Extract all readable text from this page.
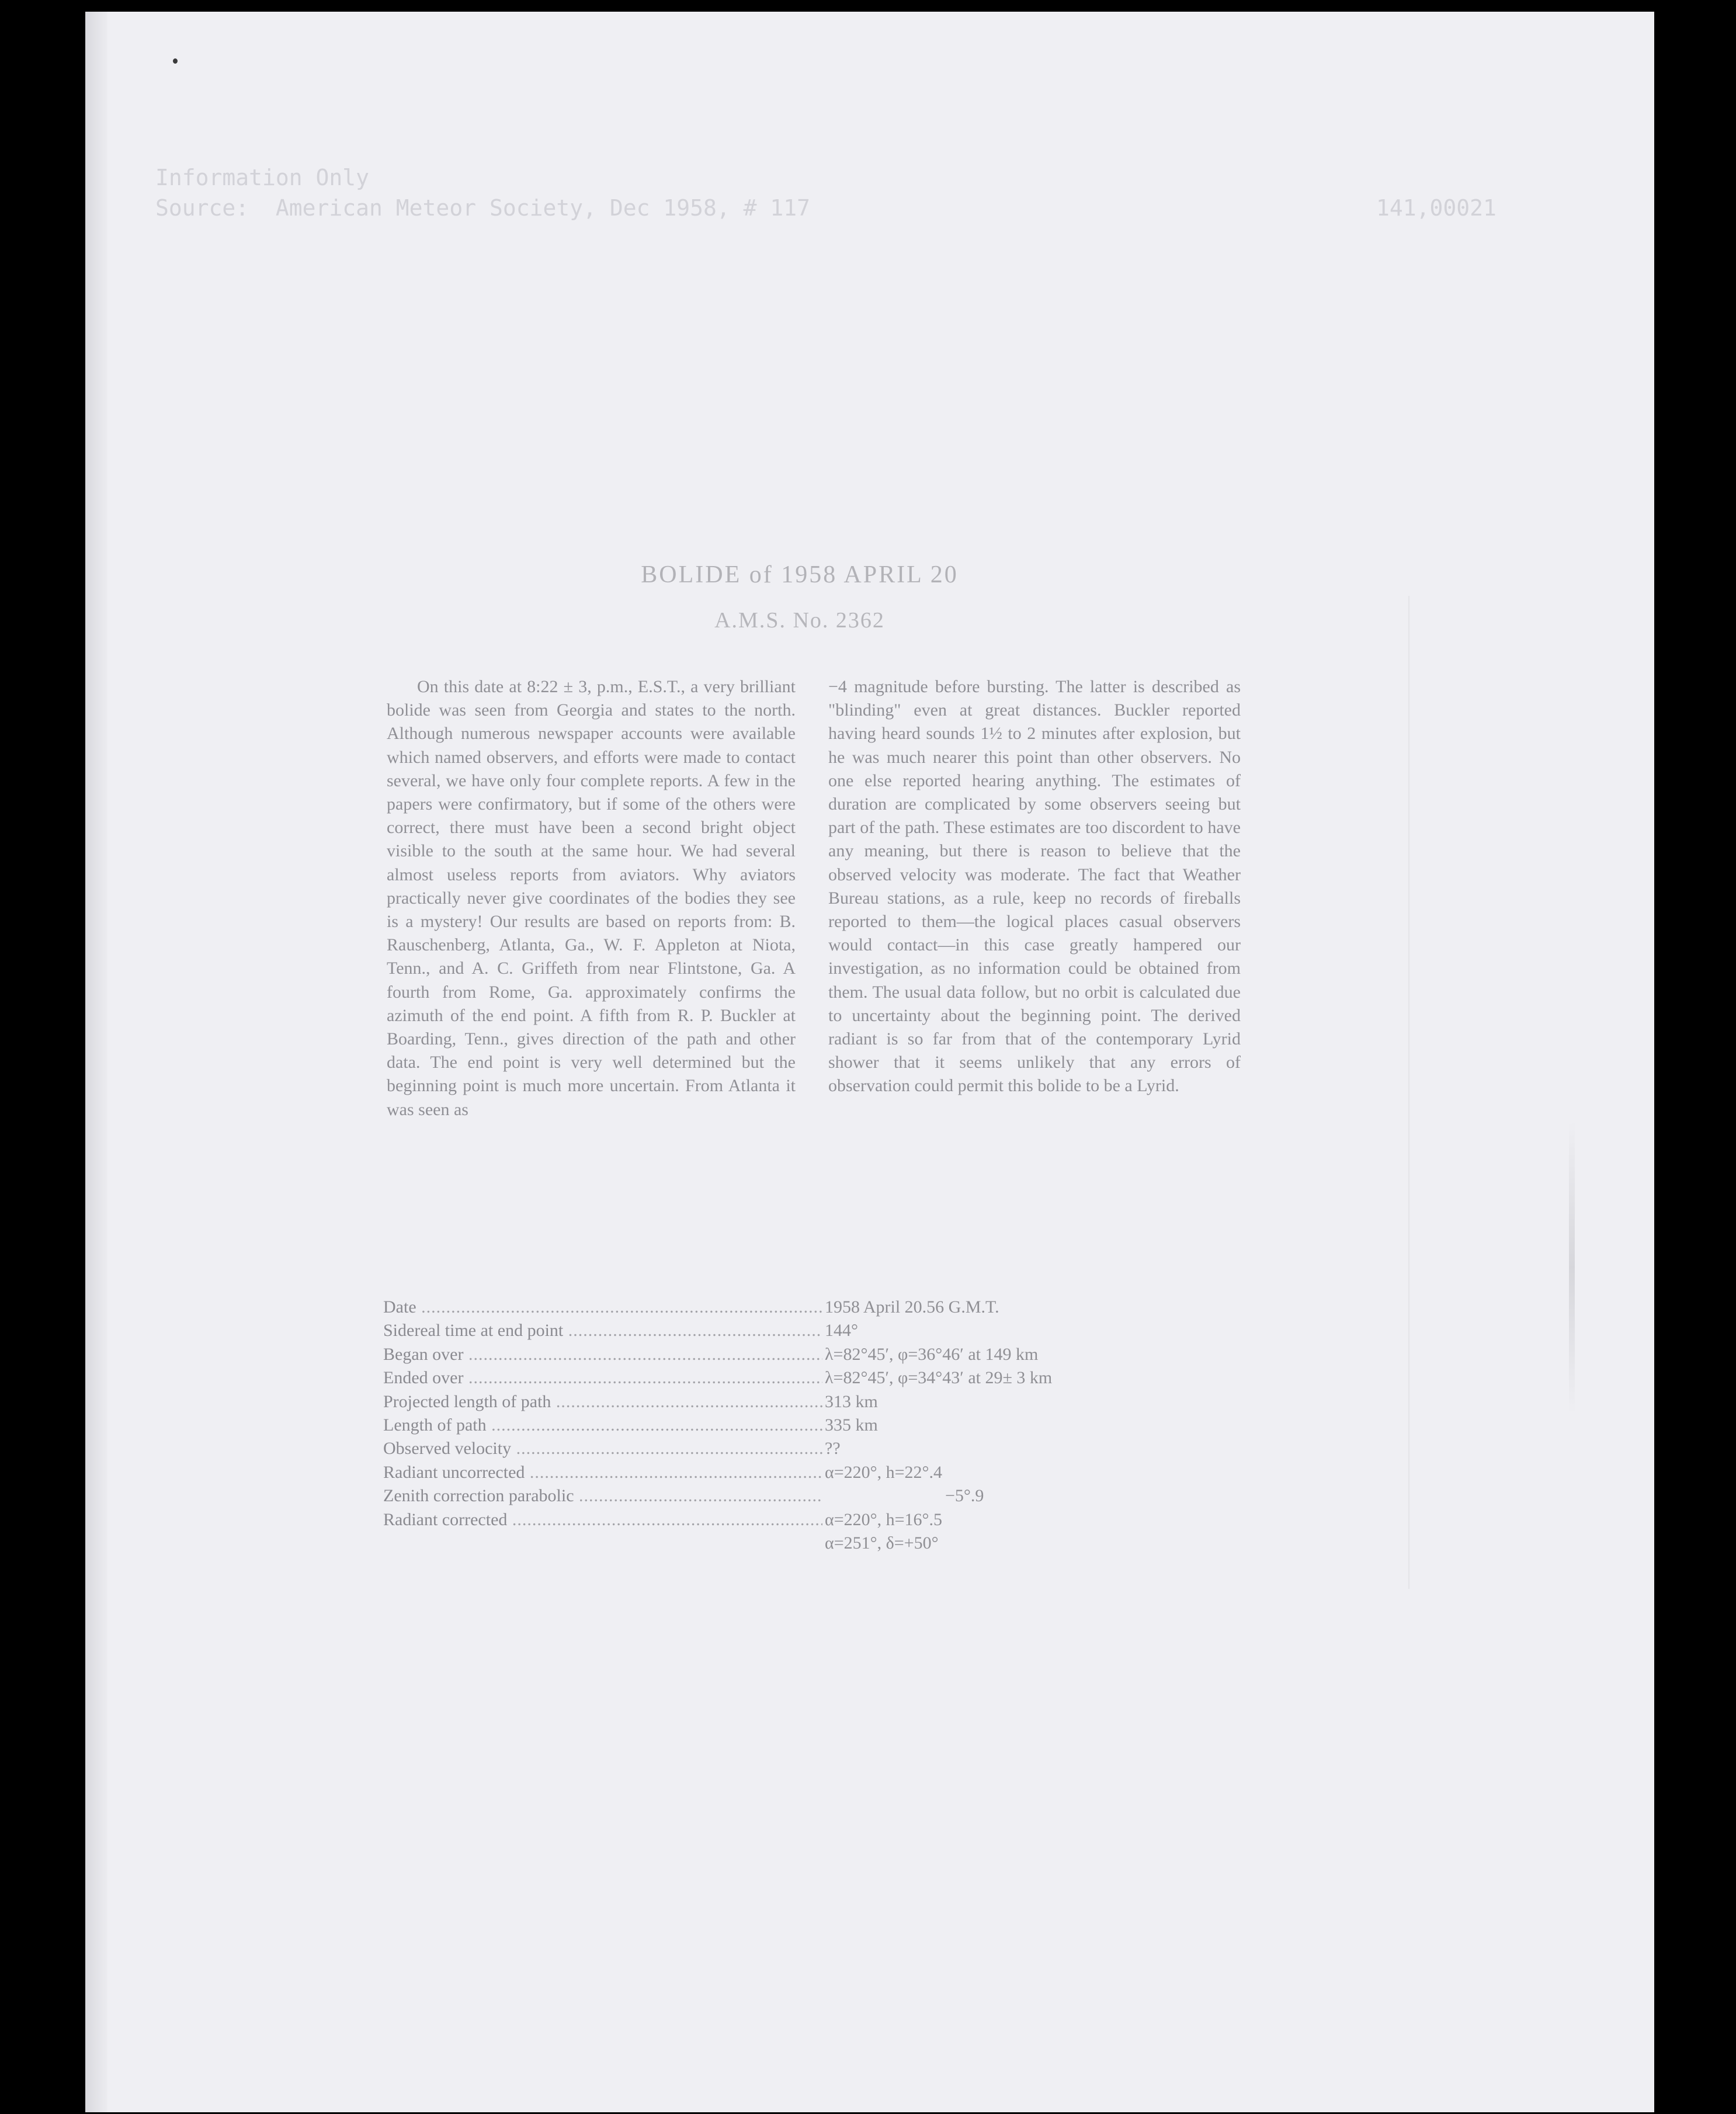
Information Only
Source:  American Meteor Society, Dec 1958, # 117	141,00021
BOLIDE of 1958 APRIL 20
A.M.S. No. 2362
On this date at 8:22 ± 3, p.m., E.S.T., a very brilliant bolide was seen from Georgia and states to the north. Although numerous newspaper accounts were available which named observers, and efforts were made to contact several, we have only four complete reports. A few in the papers were confirmatory, but if some of the others were correct, there must have been a second bright object visible to the south at the same hour. We had several almost useless reports from aviators. Why aviators practically never give coordinates of the bodies they see is a mystery! Our results are based on reports from: B. Rauschenberg, Atlanta, Ga., W. F. Appleton at Niota, Tenn., and A. C. Griffeth from near Flintstone, Ga. A fourth from Rome, Ga. approximately confirms the azimuth of the end point. A fifth from R. P. Buckler at Boarding, Tenn., gives direction of the path and other data. The end point is very well determined but the beginning point is much more uncertain. From Atlanta it was seen as
−4 magnitude before bursting. The latter is described as "blinding" even at great distances. Buckler reported having heard sounds 1½ to 2 minutes after explosion, but he was much nearer this point than other observers. No one else reported hearing anything. The estimates of duration are complicated by some observers seeing but part of the path. These estimates are too discordent to have any meaning, but there is reason to believe that the observed velocity was moderate. The fact that Weather Bureau stations, as a rule, keep no records of fireballs reported to them—the logical places casual observers would contact—in this case greatly hampered our investigation, as no information could be obtained from them. The usual data follow, but no orbit is calculated due to uncertainty about the beginning point. The derived radiant is so far from that of the contemporary Lyrid shower that it seems unlikely that any errors of observation could permit this bolide to be a Lyrid.
Date .....	1958 April 20.56 G.M.T.
Sidereal time at end point .....	144°
Began over .....	λ=82°45′, φ=36°46′ at 149 km
Ended over .....	λ=82°45′, φ=34°43′ at 29± 3 km
Projected length of path .....	313 km
Length of path .....	335 km
Observed velocity .....	??
Radiant uncorrected .....	α=220°, h=22°.4
Zenith correction parabolic .....	−5°.9
Radiant corrected .....	α=220°, h=16°.5
α=251°, δ=+50°
